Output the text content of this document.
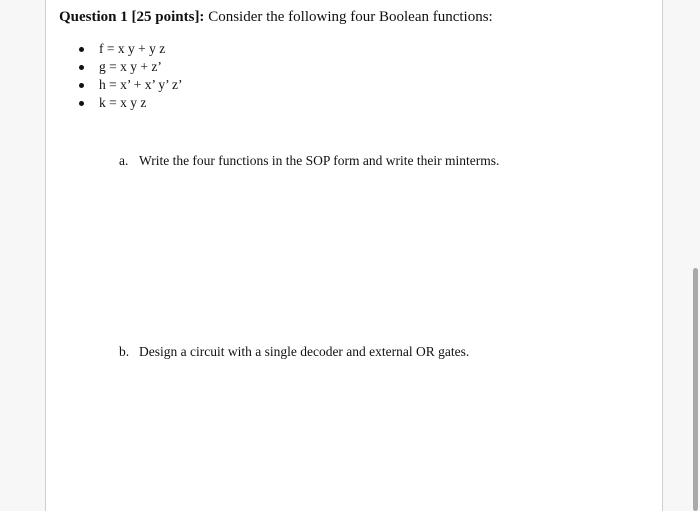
Question 1 [25 points]: Consider the following four Boolean functions:
f = x y + y z
g = x y + z’
h = x’ + x’ y’ z’
k = x y z
a. Write the four functions in the SOP form and write their minterms.
b. Design a circuit with a single decoder and external OR gates.
